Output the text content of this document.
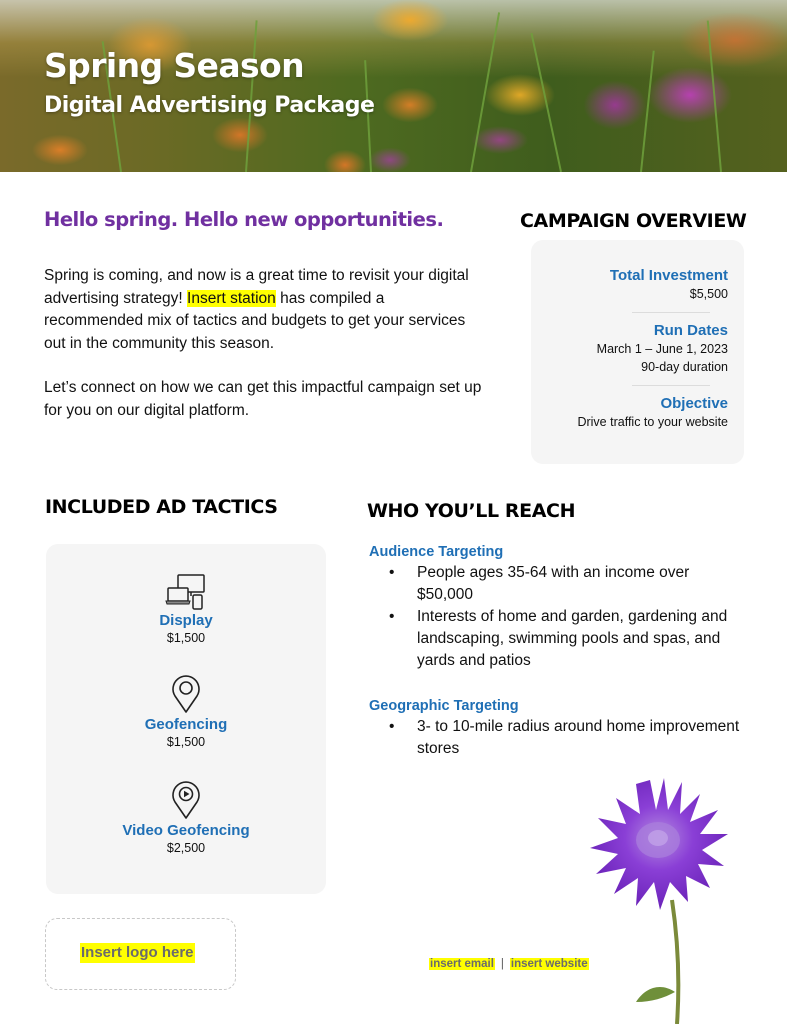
Spring Season
Digital Advertising Package
Hello spring. Hello new opportunities.

Spring is coming, and now is a great time to revisit your digital advertising strategy! Insert station has compiled a recommended mix of tactics and budgets to get your services out in the community this season.

Let’s connect on how we can get this impactful campaign set up for you on our digital platform.

CAMPAIGN OVERVIEW
Total Investment
$5,500
Run Dates
March 1 – June 1, 2023
90-day duration
Objective
Drive traffic to your website
INCLUDED AD TACTICS
Display
$1,500
Geofencing
$1,500
Video Geofencing
$2,500
WHO YOU’LL REACH
Audience Targeting
• People ages 35-64 with an income over $50,000
• Interests of home and garden, gardening and landscaping, swimming pools and spas, and yards and patios
Geographic Targeting
• 3- to 10-mile radius around home improvement stores
Insert logo here
insert email | insert website
